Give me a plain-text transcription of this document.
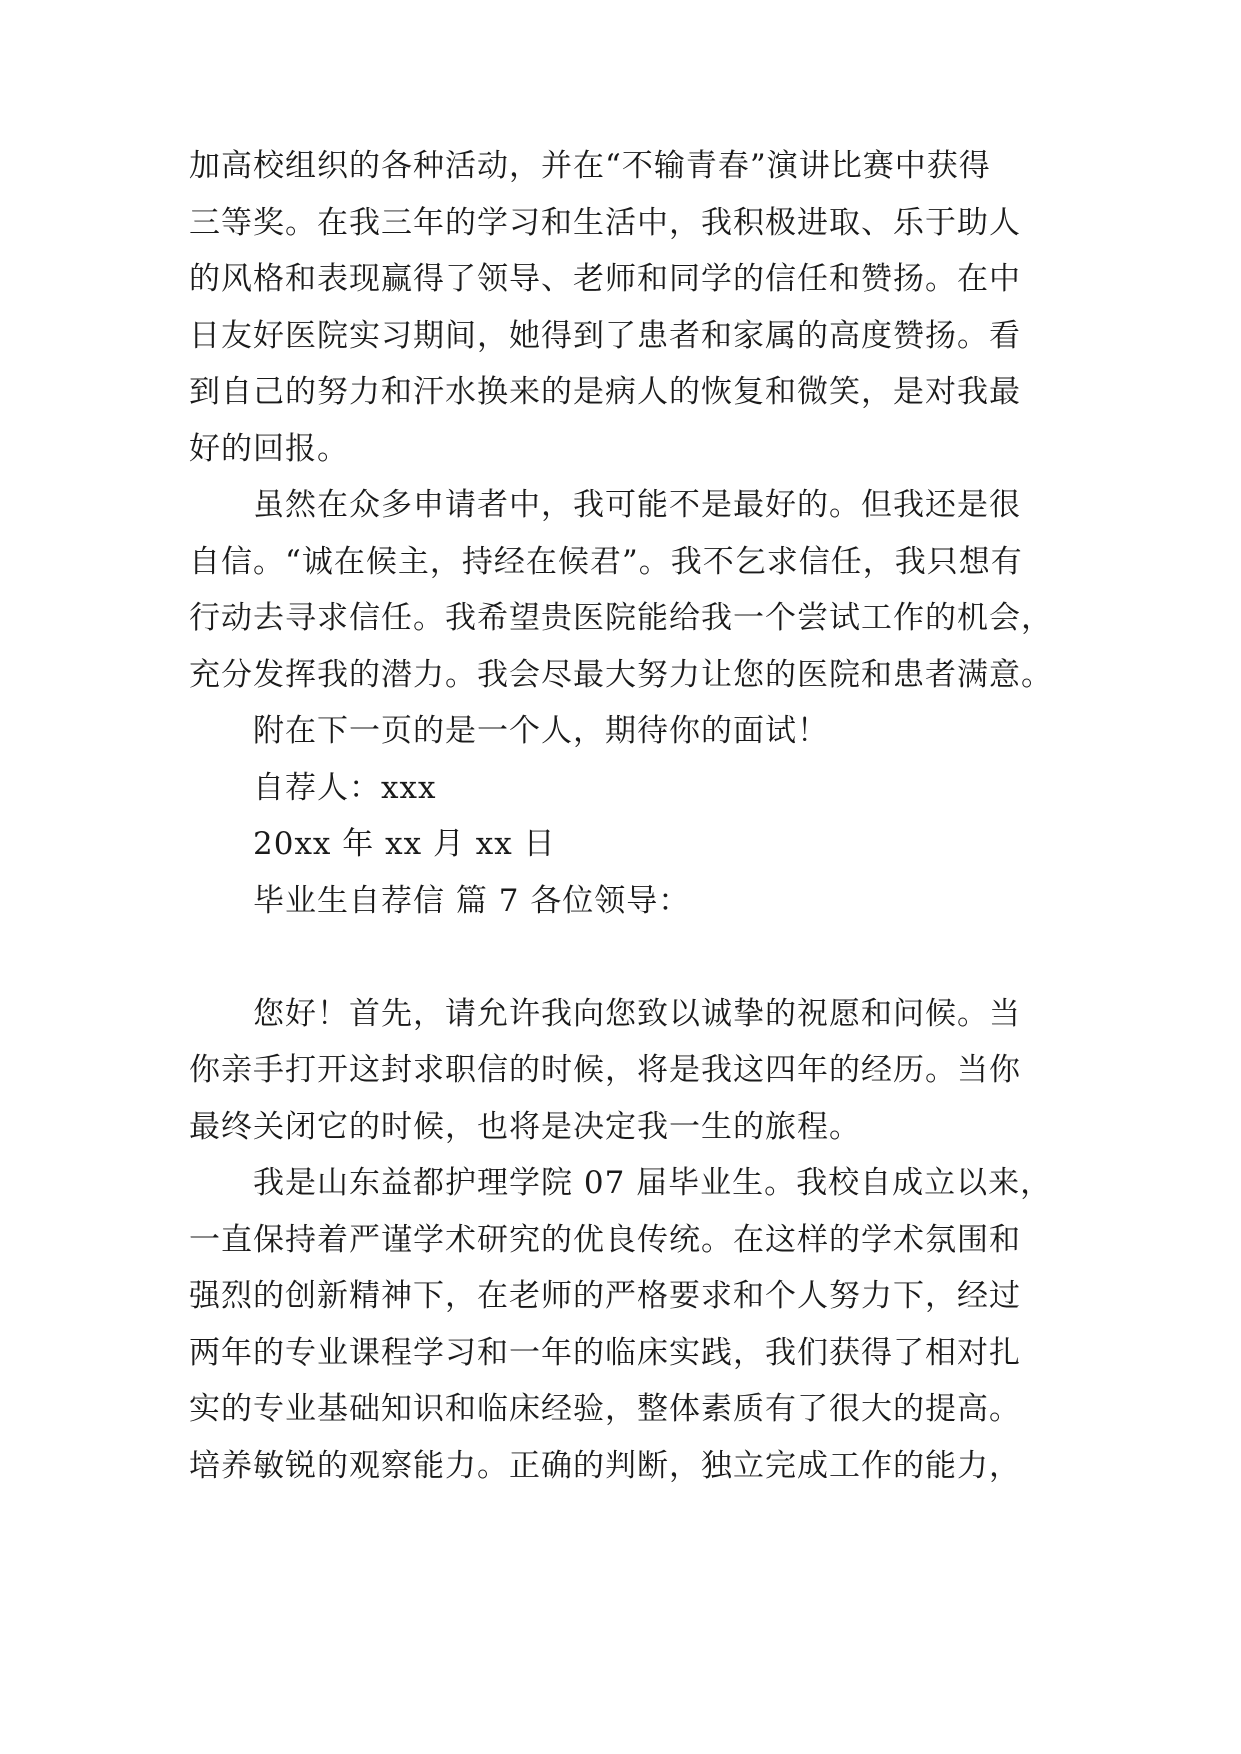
加高校组织的各种活动，并在“不输青春”演讲比赛中获得
三等奖。在我三年的学习和生活中，我积极进取、乐于助人
的风格和表现赢得了领导、老师和同学的信任和赞扬。在中
日友好医院实习期间，她得到了患者和家属的高度赞扬。看
到自己的努力和汗水换来的是病人的恢复和微笑，是对我最
好的回报。
虽然在众多申请者中，我可能不是最好的。但我还是很
自信。“诚在候主，持经在候君”。我不乞求信任，我只想有
行动去寻求信任。我希望贵医院能给我一个尝试工作的机会，
充分发挥我的潜力。我会尽最大努力让您的医院和患者满意。
附在下一页的是一个人，期待你的面试！
自荐人：xxx
20xx 年 xx 月 xx 日
毕业生自荐信 篇 7 各位领导：
您好！首先，请允许我向您致以诚挚的祝愿和问候。当
你亲手打开这封求职信的时候，将是我这四年的经历。当你
最终关闭它的时候，也将是决定我一生的旅程。
我是山东益都护理学院 07 届毕业生。我校自成立以来，
一直保持着严谨学术研究的优良传统。在这样的学术氛围和
强烈的创新精神下，在老师的严格要求和个人努力下，经过
两年的专业课程学习和一年的临床实践，我们获得了相对扎
实的专业基础知识和临床经验，整体素质有了很大的提高。
培养敏锐的观察能力。正确的判断，独立完成工作的能力，
